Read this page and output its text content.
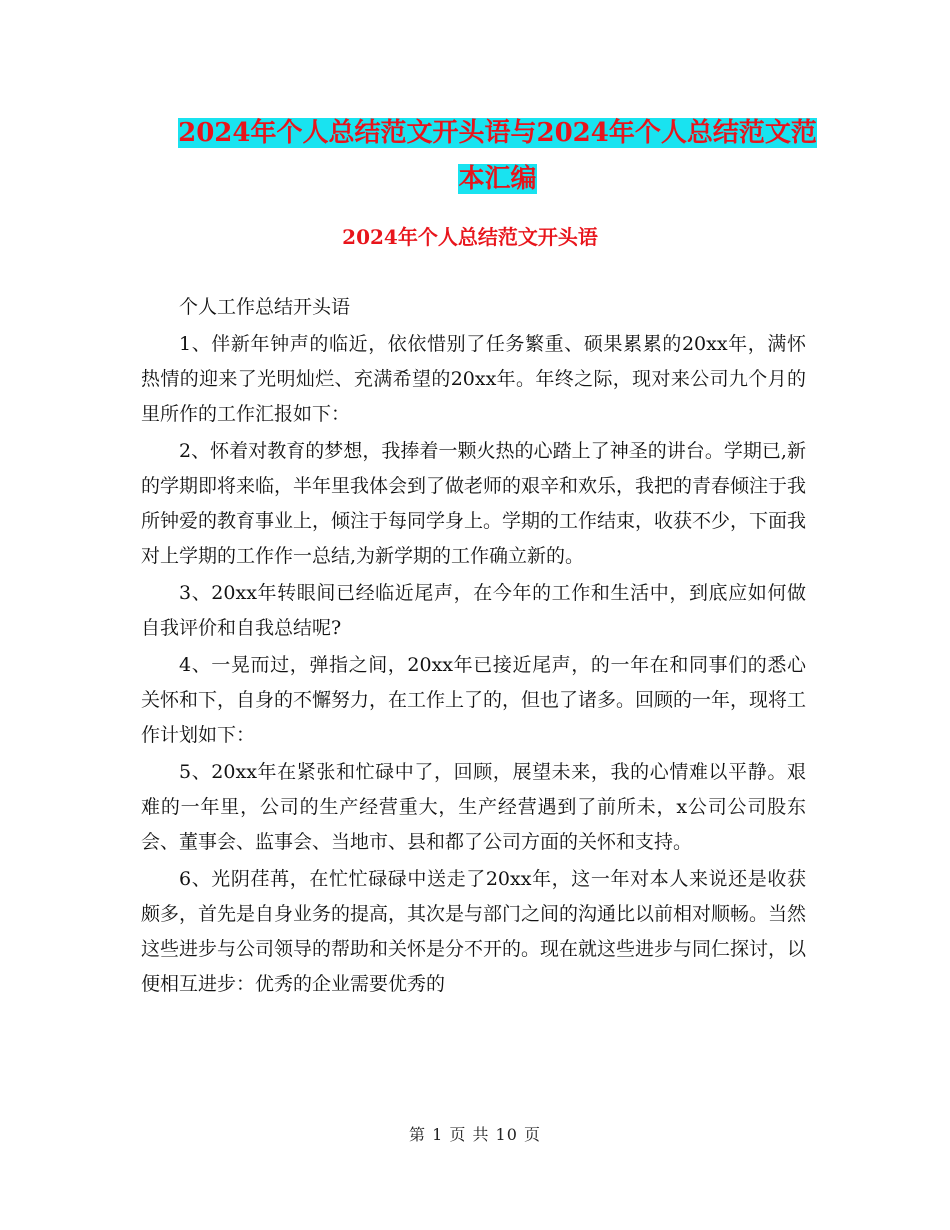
2024年个人总结范文开头语与2024年个人总结范文范
本汇编
2024年个人总结范文开头语

个人工作总结开头语

1、伴新年钟声的临近，依依惜别了任务繁重、硕果累累的20xx年，满怀热情的迎来了光明灿烂、充满希望的20xx年。年终之际，现对来公司九个月的里所作的工作汇报如下：

2、怀着对教育的梦想，我捧着一颗火热的心踏上了神圣的讲台。学期已,新的学期即将来临，半年里我体会到了做老师的艰辛和欢乐，我把的青春倾注于我所钟爱的教育事业上，倾注于每同学身上。学期的工作结束，收获不少，下面我对上学期的工作作一总结,为新学期的工作确立新的。

3、20xx年转眼间已经临近尾声，在今年的工作和生活中，到底应如何做自我评价和自我总结呢?

4、一晃而过，弹指之间，20xx年已接近尾声，的一年在和同事们的悉心关怀和下，自身的不懈努力，在工作上了的，但也了诸多。回顾的一年，现将工作计划如下：

5、20xx年在紧张和忙碌中了，回顾，展望未来，我的心情难以平静。艰难的一年里，公司的生产经营重大，生产经营遇到了前所未，x公司公司股东会、董事会、监事会、当地市、县和都了公司方面的关怀和支持。

6、光阴荏苒，在忙忙碌碌中送走了20xx年，这一年对本人来说还是收获颇多，首先是自身业务的提高，其次是与部门之间的沟通比以前相对顺畅。当然这些进步与公司领导的帮助和关怀是分不开的。现在就这些进步与同仁探讨，以便相互进步：优秀的企业需要优秀的

第 1 页 共 10 页
